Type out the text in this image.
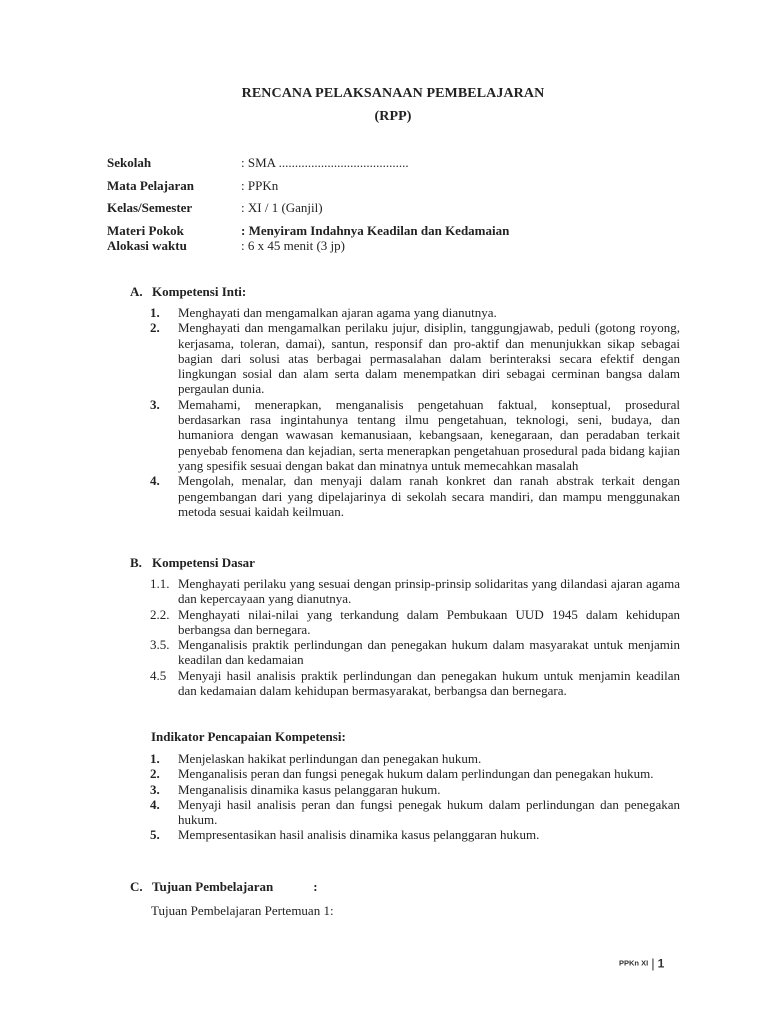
RENCANA PELAKSANAAN PEMBELAJARAN
(RPP)
Sekolah	: SMA ........................................
Mata Pelajaran	: PPKn
Kelas/Semester	: XI / 1 (Ganjil)
Materi Pokok	: Menyiram Indahnya Keadilan dan Kedamaian
Alokasi waktu	: 6 x 45 menit (3 jp)
A. Kompetensi Inti:
1. Menghayati dan mengamalkan ajaran agama yang dianutnya.
2. Menghayati dan mengamalkan perilaku jujur, disiplin, tanggungjawab, peduli (gotong royong, kerjasama, toleran, damai), santun, responsif dan pro-aktif dan menunjukkan sikap sebagai bagian dari solusi atas berbagai permasalahan dalam berinteraksi secara efektif dengan lingkungan sosial dan alam serta dalam menempatkan diri sebagai cerminan bangsa dalam pergaulan dunia.
3. Memahami, menerapkan, menganalisis pengetahuan faktual, konseptual, prosedural berdasarkan rasa ingintahunya tentang ilmu pengetahuan, teknologi, seni, budaya, dan humaniora dengan wawasan kemanusiaan, kebangsaan, kenegaraan, dan peradaban terkait penyebab fenomena dan kejadian, serta menerapkan pengetahuan prosedural pada bidang kajian yang spesifik sesuai dengan bakat dan minatnya untuk memecahkan masalah
4. Mengolah, menalar, dan menyaji dalam ranah konkret dan ranah abstrak terkait dengan pengembangan dari yang dipelajarinya di sekolah secara mandiri, dan mampu menggunakan metoda sesuai kaidah keilmuan.
B. Kompetensi Dasar
1.1. Menghayati perilaku yang sesuai dengan prinsip-prinsip solidaritas yang dilandasi ajaran agama dan kepercayaan yang dianutnya.
2.2. Menghayati nilai-nilai yang terkandung dalam Pembukaan UUD 1945 dalam kehidupan berbangsa dan bernegara.
3.5. Menganalisis praktik perlindungan dan penegakan hukum dalam masyarakat untuk menjamin keadilan dan kedamaian
4.5 Menyaji hasil analisis praktik perlindungan dan penegakan hukum untuk menjamin keadilan dan kedamaian dalam kehidupan bermasyarakat, berbangsa dan bernegara.
Indikator Pencapaian Kompetensi:
1. Menjelaskan hakikat perlindungan dan penegakan hukum.
2. Menganalisis peran dan fungsi penegak hukum dalam perlindungan dan penegakan hukum.
3. Menganalisis dinamika kasus pelanggaran hukum.
4. Menyaji hasil analisis peran dan fungsi penegak hukum dalam perlindungan dan penegakan hukum.
5. Mempresentasikan hasil analisis dinamika kasus pelanggaran hukum.
C. Tujuan Pembelajaran	:
Tujuan Pembelajaran Pertemuan 1:
PPKn XI | 1
